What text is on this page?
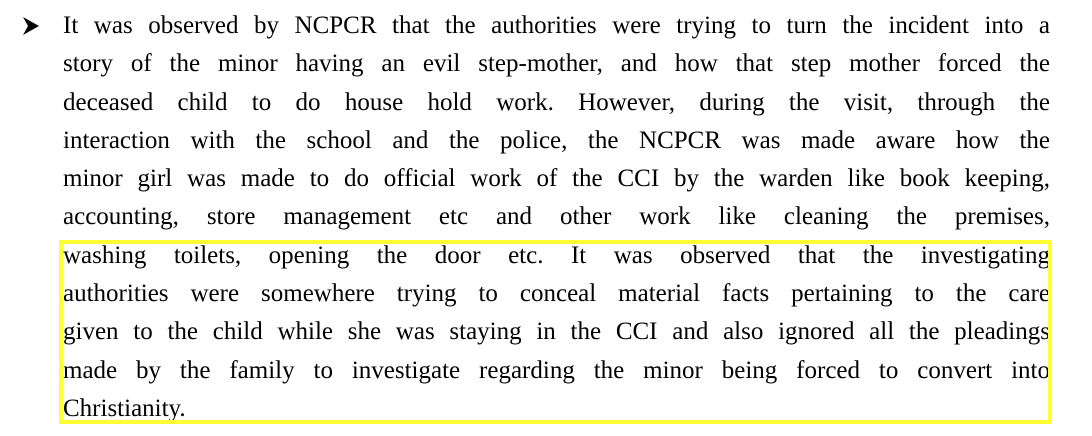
It was observed by NCPCR that the authorities were trying to turn the incident into a
story of the minor having an evil step-mother, and how that step mother forced the
deceased child to do house hold work. However, during the visit, through the
interaction with the school and the police, the NCPCR was made aware how the
minor girl was made to do official work of the CCI by the warden like book keeping,
accounting, store management etc and other work like cleaning the premises,
washing toilets, opening the door etc. It was observed that the investigating
authorities were somewhere trying to conceal material facts pertaining to the care
given to the child while she was staying in the CCI and also ignored all the pleadings
made by the family to investigate regarding the minor being forced to convert into
Christianity.
